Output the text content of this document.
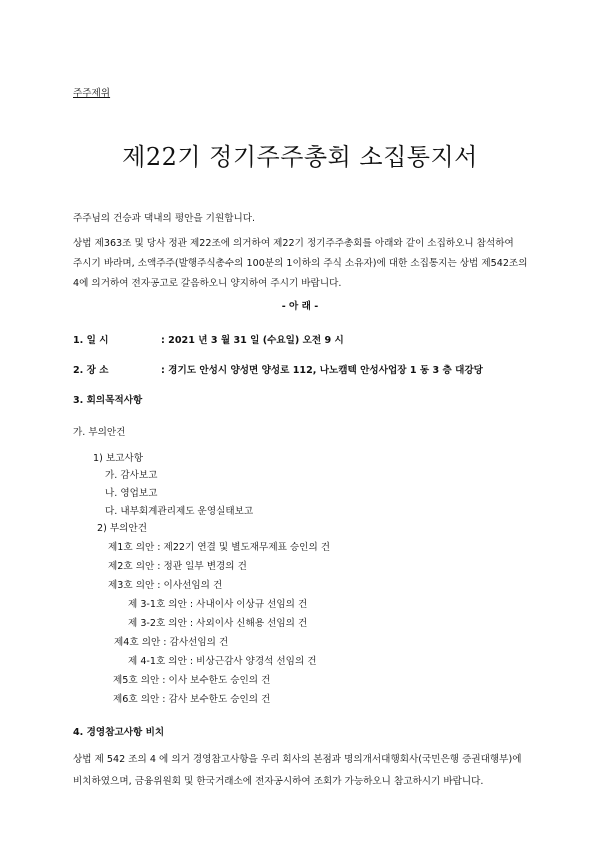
주주제위
제22기 정기주주총회 소집통지서
주주님의 건승과 댁내의 평안을 기원합니다.
상법 제363조 및 당사 정관 제22조에 의거하여 제22기 정기주주총회를 아래와 같이 소집하오니 참석하여
주시기 바라며, 소액주주(발행주식총수의 100분의 1이하의 주식 소유자)에 대한 소집통지는 상법 제542조의
4에 의거하여 전자공고로 갈음하오니 양지하여 주시기 바랍니다.
- 아 래 -
1. 일 시	: 2021 년 3 월 31 일 (수요일) 오전 9 시
2. 장 소	: 경기도 안성시 양성면 양성로 112, 나노캠텍 안성사업장 1 동 3 층 대강당
3. 회의목적사항
가. 부의안건
1) 보고사항
가. 감사보고
나. 영업보고
다. 내부회계관리제도 운영실태보고
2) 부의안건
제1호 의안 : 제22기 연결 및 별도재무제표 승인의 건
제2호 의안 : 정관 일부 변경의 건
제3호 의안 : 이사선임의 건
제 3-1호 의안 : 사내이사 이상규 선임의 건
제 3-2호 의안 : 사외이사 신해용 선임의 건
제4호 의안 : 감사선임의 건
제 4-1호 의안 : 비상근감사 양경석 선임의 건
제5호 의안 : 이사 보수한도 승인의 건
제6호 의안 : 감사 보수한도 승인의 건
4. 경영참고사항 비치
상법 제 542 조의 4 에 의거 경영참고사항을 우리 회사의 본점과 명의개서대행회사(국민은행 증권대행부)에
비치하였으며, 금융위원회 및 한국거래소에 전자공시하여 조회가 가능하오니 참고하시기 바랍니다.
